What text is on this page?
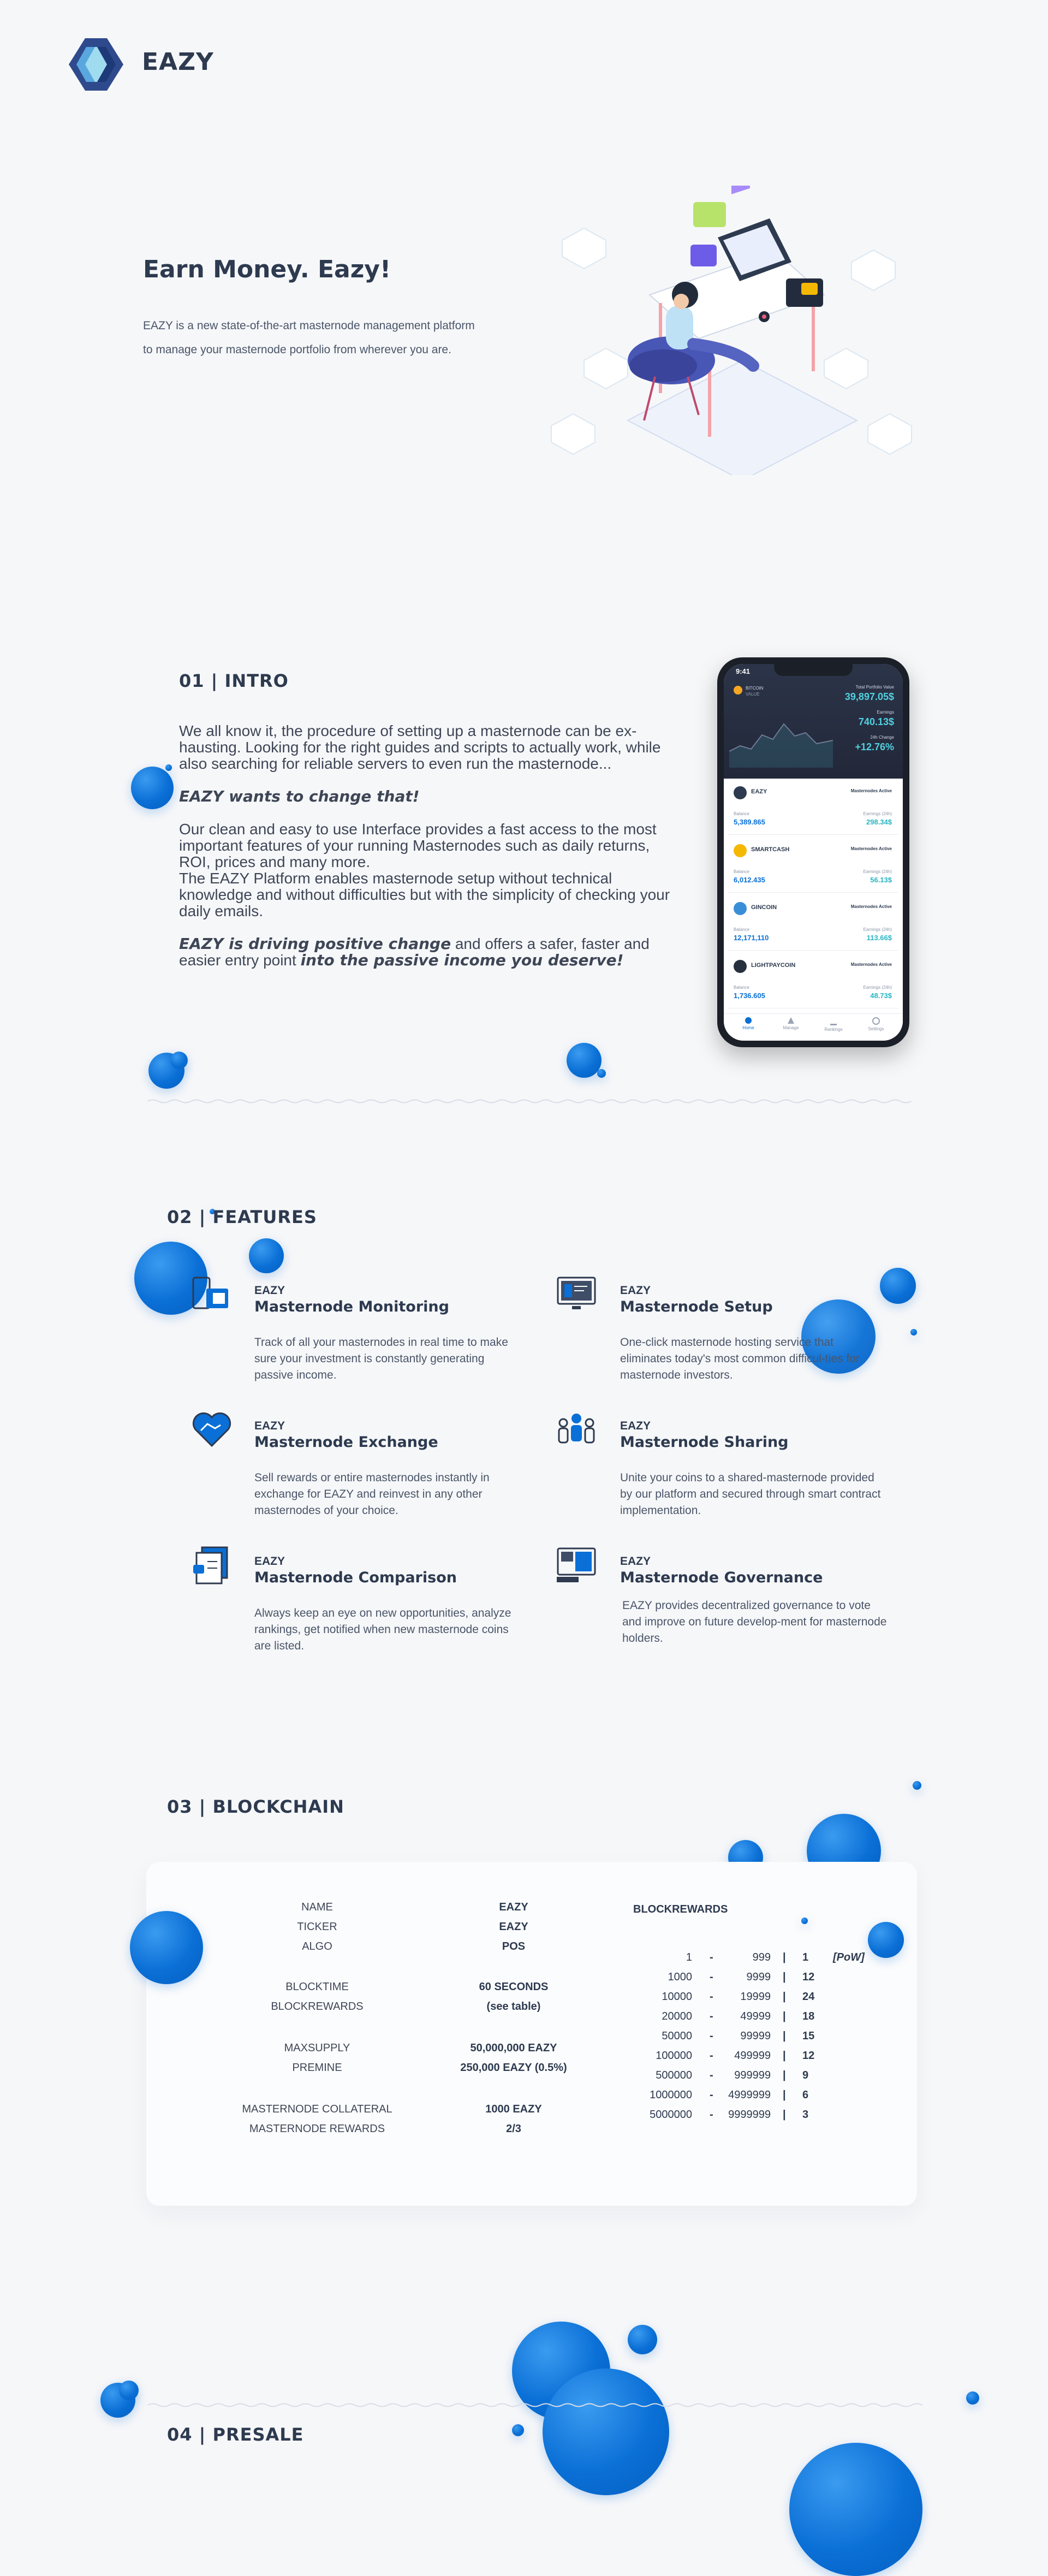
EAZY
Earn Money. Eazy!
EAZY is a new state-of-the-art masternode management platform
to manage your masternode portfolio from wherever you are.
01 | INTRO

We all know it, the procedure of setting up a masternode can be ex-hausting. Looking for the right guides and scripts to actually work, while also searching for reliable servers to even run the masternode...

EAZY wants to change that!

Our clean and easy to use Interface provides a fast access to the most important features of your running Masternodes such as daily returns, ROI, prices and many more.

The EAZY Platform enables masternode setup without technical knowledge and without difficulties but with the simplicity of checking your daily emails.

EAZY is driving positive change and offers a safer, faster and easier entry point into the passive income you deserve!

9:41
BITCOIN
VALUE
Total Portfolio Value
39,897.05$
Earnings
740.13$
24h Change
+12.76%
EAZY	Masternodes Active
Balance
5,389.865
Earnings (24h)
298.34$
SMARTCASH	Masternodes Active
Balance
6,012.435
Earnings (24h)
56.13$
GINCOIN	Masternodes Active
Balance
12,171,110
Earnings (24h)
113.66$
LIGHTPAYCOIN	Masternodes Active
Balance
1,736.605
Earnings (24h)
48.73$
Home	Manage	Rankings	Settings
02 | FEATURES
EAZY
Masternode Monitoring
Track of all your masternodes in real time to make sure your investment is constantly generating passive income.
EAZY
Masternode Setup
One-click masternode hosting service that eliminates today's most common difficul-ties for masternode investors.
EAZY
Masternode Exchange
Sell rewards or entire masternodes instantly in exchange for EAZY and reinvest in any other masternodes of your choice.
EAZY
Masternode Sharing
Unite your coins to a shared-masternode provided by our platform and secured through smart contract implementation.
EAZY
Masternode Comparison
Always keep an eye on new opportunities, analyze rankings, get notified when new masternode coins are listed.
EAZY
Masternode Governance
EAZY provides decentralized governance to vote and improve on future develop-ment for masternode holders.
03 | BLOCKCHAIN
NAME	EAZY
TICKER	EAZY
ALGO	POS
BLOCKTIME	60 SECONDS
BLOCKREWARDS	(see table)
MAXSUPPLY	50,000,000 EAZY
PREMINE	250,000 EAZY (0.5%)
MASTERNODE COLLATERAL	1000 EAZY
MASTERNODE REWARDS	2/3
BLOCKREWARDS
1 -	999 | 1 [PoW]
1000 -	9999 | 12
10000 - 19999 | 24
20000 - 49999 | 18
50000 - 99999 | 15
100000 - 499999 | 12
500000 - 999999 | 9
1000000 - 4999999 | 6
5000000 - 9999999 | 3
04 | PRESALE
